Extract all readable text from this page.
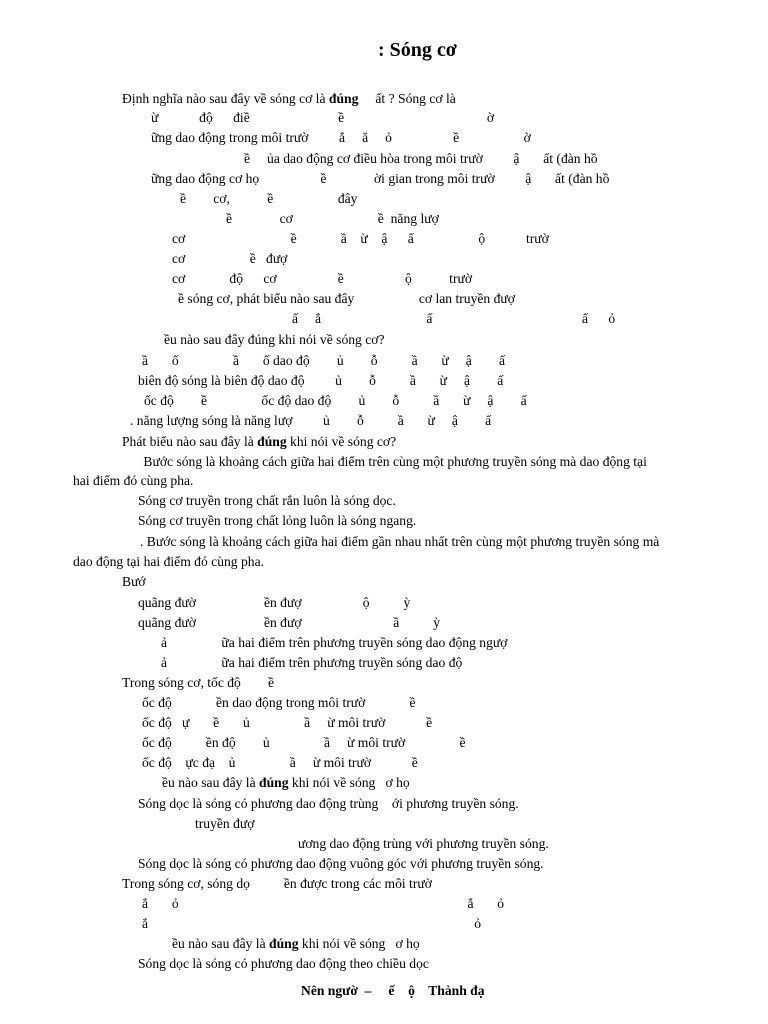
: Sóng cơ

Định nghĩa nào sau đây về sóng cơ là đúng     ất ? Sóng cơ là

ừ            độ      điề                          ề                                          ờ

ững dao động trong môi trườ         ắ     ă     ỏ                  ề                   ờ

ề     ủa dao động cơ điều hòa trong môi trườ         ậ       ất (đàn hồ

ững dao động cơ họ                  ề              ời gian trong môi trườ         ậ       ất (đàn hồ

ề        cơ,           ề                   đây

ề              cơ                         ề  năng lượ

cơ                               ề             ầ    ừ    ậ      ấ                   ộ            trườ

cơ                   ề   đượ

cơ             độ      cơ                  ề                  ộ           trườ

ề sóng cơ, phát biểu nào sau đây                   cơ lan truyền đượ

ấ     ắ                               ấ                                            ấ      ỏ

ều nào sau đây đúng khi nói về sóng cơ?

ầ       ố                ầ       ố dao độ        ủ        ỗ          ầ       ừ     ậ        ấ

biên độ sóng là biên độ dao độ         ủ        ỗ          ầ       ừ     ậ        ấ

ốc độ        ề                ốc độ dao độ        ủ        ỗ          ầ       ừ     ậ        ấ

. năng lượng sóng là năng lượ         ủ        ỗ          ầ       ừ     ậ        ấ

Phát biểu nào sau đây là đúng khi nói về sóng cơ?

Bước sóng là khoảng cách giữa hai điểm trên cùng một phương truyền sóng mà dao động tại

hai điểm đó cùng pha.

Sóng cơ truyền trong chất rắn luôn là sóng dọc.

Sóng cơ truyền trong chất lỏng luôn là sóng ngang.

. Bước sóng là khoảng cách giữa hai điểm gần nhau nhất trên cùng một phương truyền sóng mà

dao động tại hai điểm đó cùng pha.

Bướ

quãng đườ                    ền đượ                  ộ          ỳ

quãng đườ                    ền đượ                           ầ          ỳ

ả                ữa hai điểm trên phương truyền sóng dao động ngượ

ả                ữa hai điểm trên phương truyền sóng dao độ

Trong sóng cơ, tốc độ        ề

ốc độ             ền dao động trong môi trườ             ề

ốc độ   ự       ề       ủ                ầ     ừ môi trườ            ề

ốc độ          ền độ        ủ                ầ     ừ môi trườ                ề

ốc độ    ực đạ    ủ                ầ     ừ môi trườ            ề

ều nào sau đây là đúng khi nói về sóng   ơ họ

Sóng dọc là sóng có phương dao động trùng    ới phương truyền sóng.

truyền đượ

ương dao động trùng với phương truyền sóng.

Sóng dọc là sóng có phương dao động vuông góc với phương truyền sóng.

Trong sóng cơ, sóng dọ          ền được trong các môi trườ

ắ       ỏ                                                                                     ắ       ỏ

ắ                                                                                                ỏ

ều nào sau đây là đúng khi nói về sóng   ơ họ

Sóng dọc là sóng có phương dao động theo chiều dọc

Nên ngườ  –     ế    ộ    Thành đạ
